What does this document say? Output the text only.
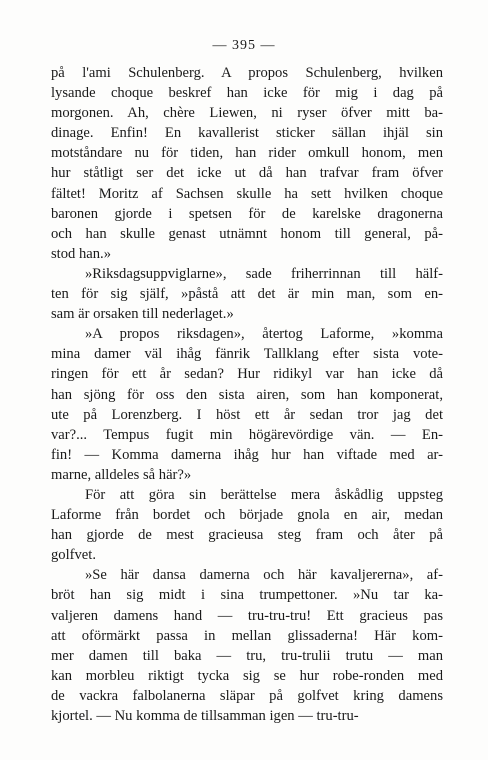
— 395 —
på l'ami Schulenberg. A propos Schulenberg, hvilken
lysande choque beskref han icke för mig i dag på
morgonen. Ah, chère Liewen, ni ryser öfver mitt ba-
dinage. Enfin! En kavallerist sticker sällan ihjäl sin
motståndare nu för tiden, han rider omkull honom, men
hur ståtligt ser det icke ut då han trafvar fram öfver
fältet! Moritz af Sachsen skulle ha sett hvilken choque
baronen gjorde i spetsen för de karelske dragonerna
och han skulle genast utnämnt honom till general, på-
stod han.»
»Riksdagsuppviglarne», sade friherrinnan till hälf-
ten för sig själf, »påstå att det är min man, som en-
sam är orsaken till nederlaget.»
»A propos riksdagen», återtog Laforme, »komma
mina damer väl ihåg fänrik Tallklang efter sista vote-
ringen för ett år sedan? Hur ridikyl var han icke då
han sjöng för oss den sista airen, som han komponerat,
ute på Lorenzberg. I höst ett år sedan tror jag det
var?... Tempus fugit min högärevördige vän. — En-
fin! — Komma damerna ihåg hur han viftade med ar-
marne, alldeles så här?»
För att göra sin berättelse mera åskådlig uppsteg
Laforme från bordet och började gnola en air, medan
han gjorde de mest gracieusa steg fram och åter på
golfvet.
»Se här dansa damerna och här kavaljererna», af-
bröt han sig midt i sina trumpettoner. »Nu tar ka-
valjeren damens hand — tru-tru-tru! Ett gracieus pas
att oförmärkt passa in mellan glissaderna! Här kom-
mer damen till baka — tru, tru-trulii trutu — man
kan morbleu riktigt tycka sig se hur robe-ronden med
de vackra falbolanerna släpar på golfvet kring damens
kjortel. — Nu komma de tillsamman igen — tru-tru-
